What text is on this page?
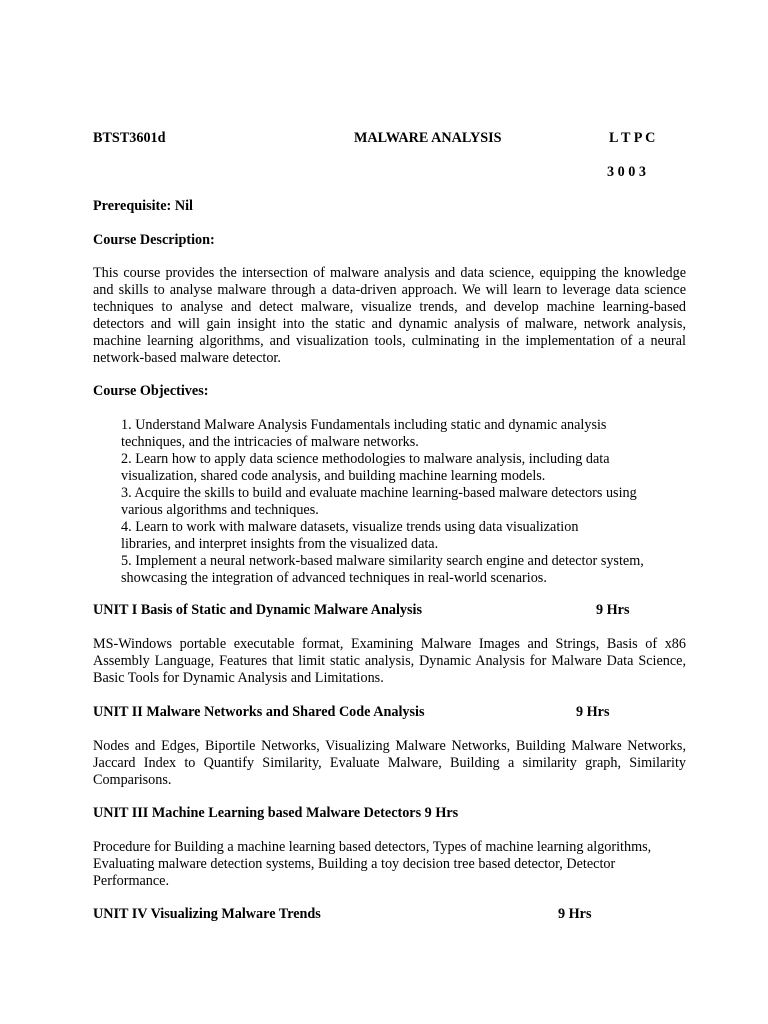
BTST3601d	MALWARE ANALYSIS	L T P C
3 0 0 3
Prerequisite: Nil
Course Description:

This course provides the intersection of malware analysis and data science, equipping the knowledge and skills to analyse malware through a data-driven approach. We will learn to leverage data science techniques to analyse and detect malware, visualize trends, and develop machine learning-based detectors and will gain insight into the static and dynamic analysis of malware, network analysis, machine learning algorithms, and visualization tools, culminating in the implementation of a neural network-based malware detector.

Course Objectives:
1. Understand Malware Analysis Fundamentals including static and dynamic analysis techniques, and the intricacies of malware networks.
2. Learn how to apply data science methodologies to malware analysis, including data visualization, shared code analysis, and building machine learning models.
3. Acquire the skills to build and evaluate machine learning-based malware detectors using various algorithms and techniques.
4. Learn to work with malware datasets, visualize trends using data visualization libraries, and interpret insights from the visualized data.
5. Implement a neural network-based malware similarity search engine and detector system, showcasing the integration of advanced techniques in real-world scenarios.
UNIT I Basis of Static and Dynamic Malware Analysis	9 Hrs

MS-Windows portable executable format, Examining Malware Images and Strings, Basis of x86 Assembly Language, Features that limit static analysis, Dynamic Analysis for Malware Data Science, Basic Tools for Dynamic Analysis and Limitations.

UNIT II Malware Networks and Shared Code Analysis	9 Hrs

Nodes and Edges, Biportile Networks, Visualizing Malware Networks, Building Malware Networks, Jaccard Index to Quantify Similarity, Evaluate Malware, Building a similarity graph, Similarity Comparisons.

UNIT III Machine Learning based Malware Detectors 9 Hrs

Procedure for Building a machine learning based detectors, Types of machine learning algorithms, Evaluating malware detection systems, Building a toy decision tree based detector, Detector Performance.

UNIT IV Visualizing Malware Trends	9 Hrs
